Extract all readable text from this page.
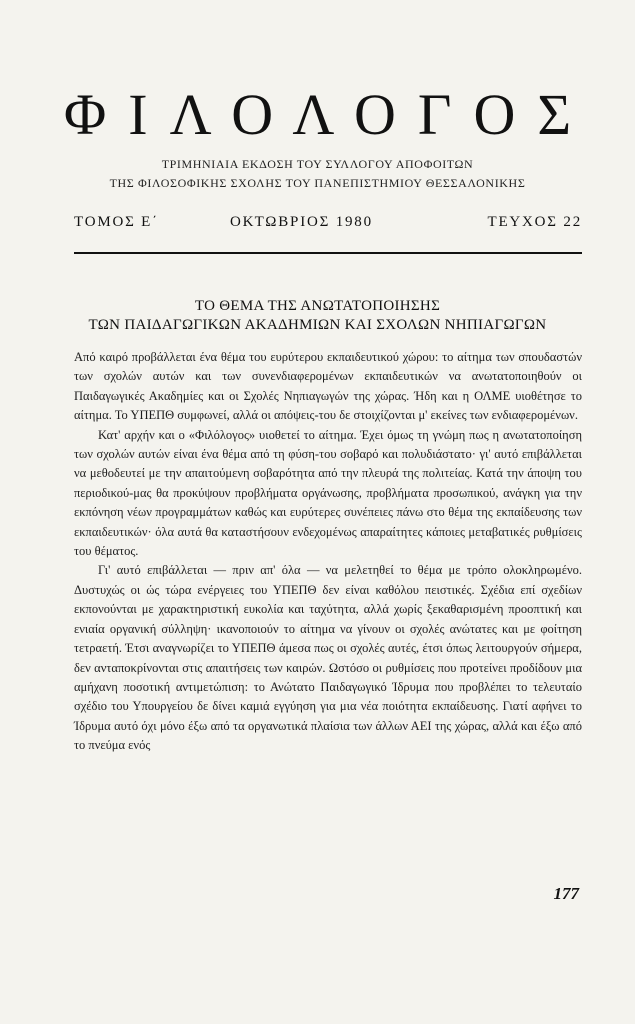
ΦΙΛΟΛΟΓΟΣ
ΤΡΙΜΗΝΙΑΙΑ ΕΚΔΟΣΗ ΤΟΥ ΣΥΛΛΟΓΟΥ ΑΠΟΦΟΙΤΩΝ
ΤΗΣ ΦΙΛΟΣΟΦΙΚΗΣ ΣΧΟΛΗΣ ΤΟΥ ΠΑΝΕΠΙΣΤΗΜΙΟΥ ΘΕΣΣΑΛΟΝΙΚΗΣ
ΤΟΜΟΣ Ε΄	ΟΚΤΩΒΡΙΟΣ 1980	ΤΕΥΧΟΣ 22
ΤΟ ΘΕΜΑ ΤΗΣ ΑΝΩΤΑΤΟΠΟΙΗΣΗΣ
ΤΩΝ ΠΑΙΔΑΓΩΓΙΚΩΝ ΑΚΑΔΗΜΙΩΝ ΚΑΙ ΣΧΟΛΩΝ ΝΗΠΙΑΓΩΓΩΝ

Από καιρό προβάλλεται ένα θέμα του ευρύτερου εκπαιδευτικού χώρου: το αίτημα των σπουδαστών των σχολών αυτών και των συνενδιαφερομένων εκπαιδευτικών να ανωτατοποιηθούν οι Παιδαγωγικές Ακαδημίες και οι Σχολές Νηπιαγωγών της χώρας. Ήδη και η ΟΛΜΕ υιοθέτησε το αίτημα. Το ΥΠΕΠΘ συμφωνεί, αλλά οι απόψεις-του δε στοιχίζονται μ' εκείνες των ενδιαφερομένων.

Κατ' αρχήν και ο «Φιλόλογος» υιοθετεί το αίτημα. Έχει όμως τη γνώμη πως η ανωτατοποίηση των σχολών αυτών είναι ένα θέμα από τη φύση-του σοβαρό και πολυδιάστατο· γι' αυτό επιβάλλεται να μεθοδευτεί με την απαιτούμενη σοβαρότητα από την πλευρά της πολιτείας. Κατά την άποψη του περιοδικού-μας θα προκύψουν προβλήματα οργάνωσης, προβλήματα προσωπικού, ανάγκη για την εκπόνηση νέων προγραμμάτων καθώς και ευρύτερες συνέπειες πάνω στο θέμα της εκπαίδευσης των εκπαιδευτικών· όλα αυτά θα καταστήσουν ενδεχομένως απαραίτητες κάποιες μεταβατικές ρυθμίσεις του θέματος.

Γι' αυτό επιβάλλεται — πριν απ' όλα — να μελετηθεί το θέμα με τρόπο ολοκληρωμένο. Δυστυχώς οι ώς τώρα ενέργειες του ΥΠΕΠΘ δεν είναι καθόλου πειστικές. Σχέδια επί σχεδίων εκπονούνται με χαρακτηριστική ευκολία και ταχύτητα, αλλά χωρίς ξεκαθαρισμένη προοπτική και ενιαία οργανική σύλληψη· ικανοποιούν το αίτημα να γίνουν οι σχολές ανώτατες και με φοίτηση τετραετή. Έτσι αναγνωρίζει το ΥΠΕΠΘ άμεσα πως οι σχολές αυτές, έτσι όπως λειτουργούν σήμερα, δεν ανταποκρίνονται στις απαιτήσεις των καιρών. Ωστόσο οι ρυθμίσεις που προτείνει προδίδουν μια αμήχανη ποσοτική αντιμετώπιση: το Ανώτατο Παιδαγωγικό Ίδρυμα που προβλέπει το τελευταίο σχέδιο του Υπουργείου δε δίνει καμιά εγγύηση για μια νέα ποιότητα εκπαίδευσης. Γιατί αφήνει το Ίδρυμα αυτό όχι μόνο έξω από τα οργανωτικά πλαίσια των άλλων ΑΕΙ της χώρας, αλλά και έξω από το πνεύμα ενός

177
